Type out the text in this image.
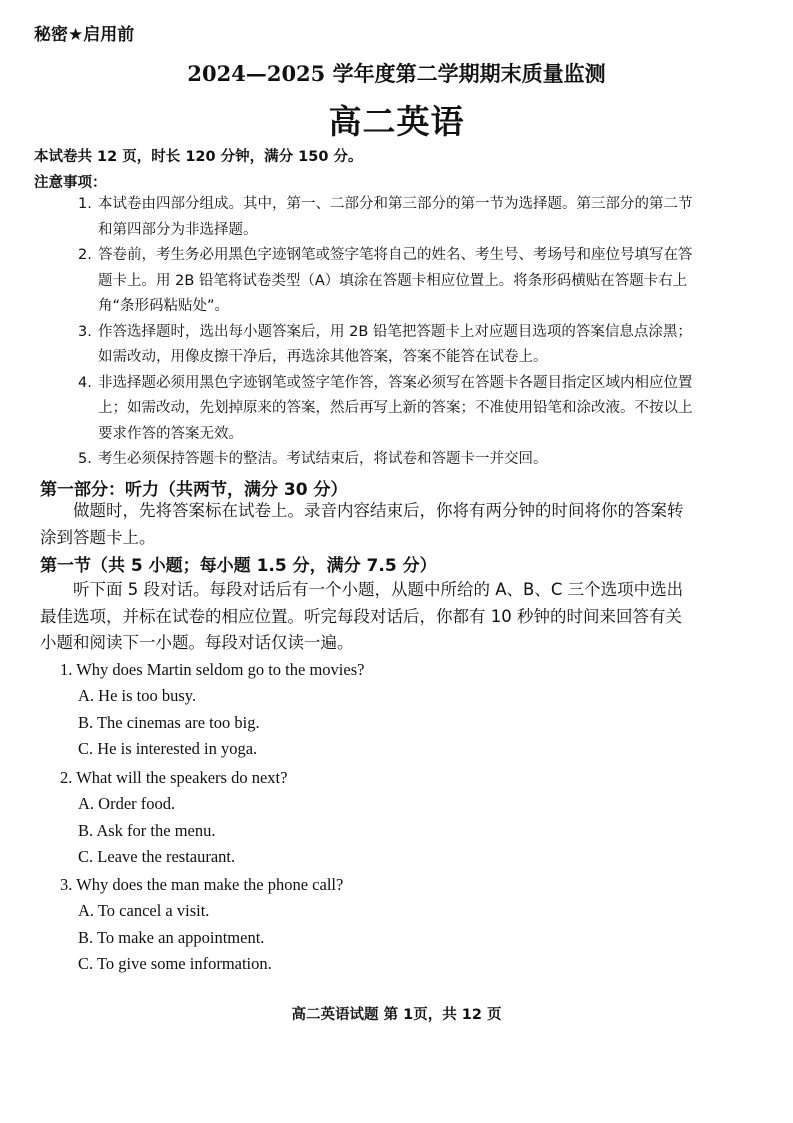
秘密★启用前
2024—2025 学年度第二学期期末质量监测
高二英语
本试卷共 12 页，时长 120 分钟，满分 150 分。
注意事项：
1. 本试卷由四部分组成。其中，第一、二部分和第三部分的第一节为选择题。第三部分的第二节和第四部分为非选择题。
2. 答卷前，考生务必用黑色字迹钢笔或签字笔将自己的姓名、考生号、考场号和座位号填写在答题卡上。用 2B 铅笔将试卷类型（A）填涂在答题卡相应位置上。将条形码横贴在答题卡右上角“条形码粘贴处”。
3. 作答选择题时，选出每小题答案后，用 2B 铅笔把答题卡上对应题目选项的答案信息点涂黑；如需改动，用像皮擦干净后，再选涂其他答案，答案不能答在试卷上。
4. 非选择题必须用黑色字迹钢笔或签字笔作答，答案必须写在答题卡各题目指定区域内相应位置上；如需改动，先划掉原来的答案，然后再写上新的答案；不准使用铅笔和涂改液。不按以上要求作答的答案无效。
5. 考生必须保持答题卡的整洁。考试结束后，将试卷和答题卡一并交回。
第一部分：听力（共两节，满分 30 分）

做题时，先将答案标在试卷上。录音内容结束后，你将有两分钟的时间将你的答案转涂到答题卡上。

第一节（共 5 小题；每小题 1.5 分，满分 7.5 分）

听下面 5 段对话。每段对话后有一个小题，从题中所给的 A、B、C 三个选项中选出最佳选项，并标在试卷的相应位置。听完每段对话后，你都有 10 秒钟的时间来回答有关小题和阅读下一小题。每段对话仅读一遍。

1. Why does Martin seldom go to the movies?
A. He is too busy.
B. The cinemas are too big.
C. He is interested in yoga.
2. What will the speakers do next?
A. Order food.
B. Ask for the menu.
C. Leave the restaurant.
3. Why does the man make the phone call?
A. To cancel a visit.
B. To make an appointment.
C. To give some information.
高二英语试题 第 1页，共 12 页
